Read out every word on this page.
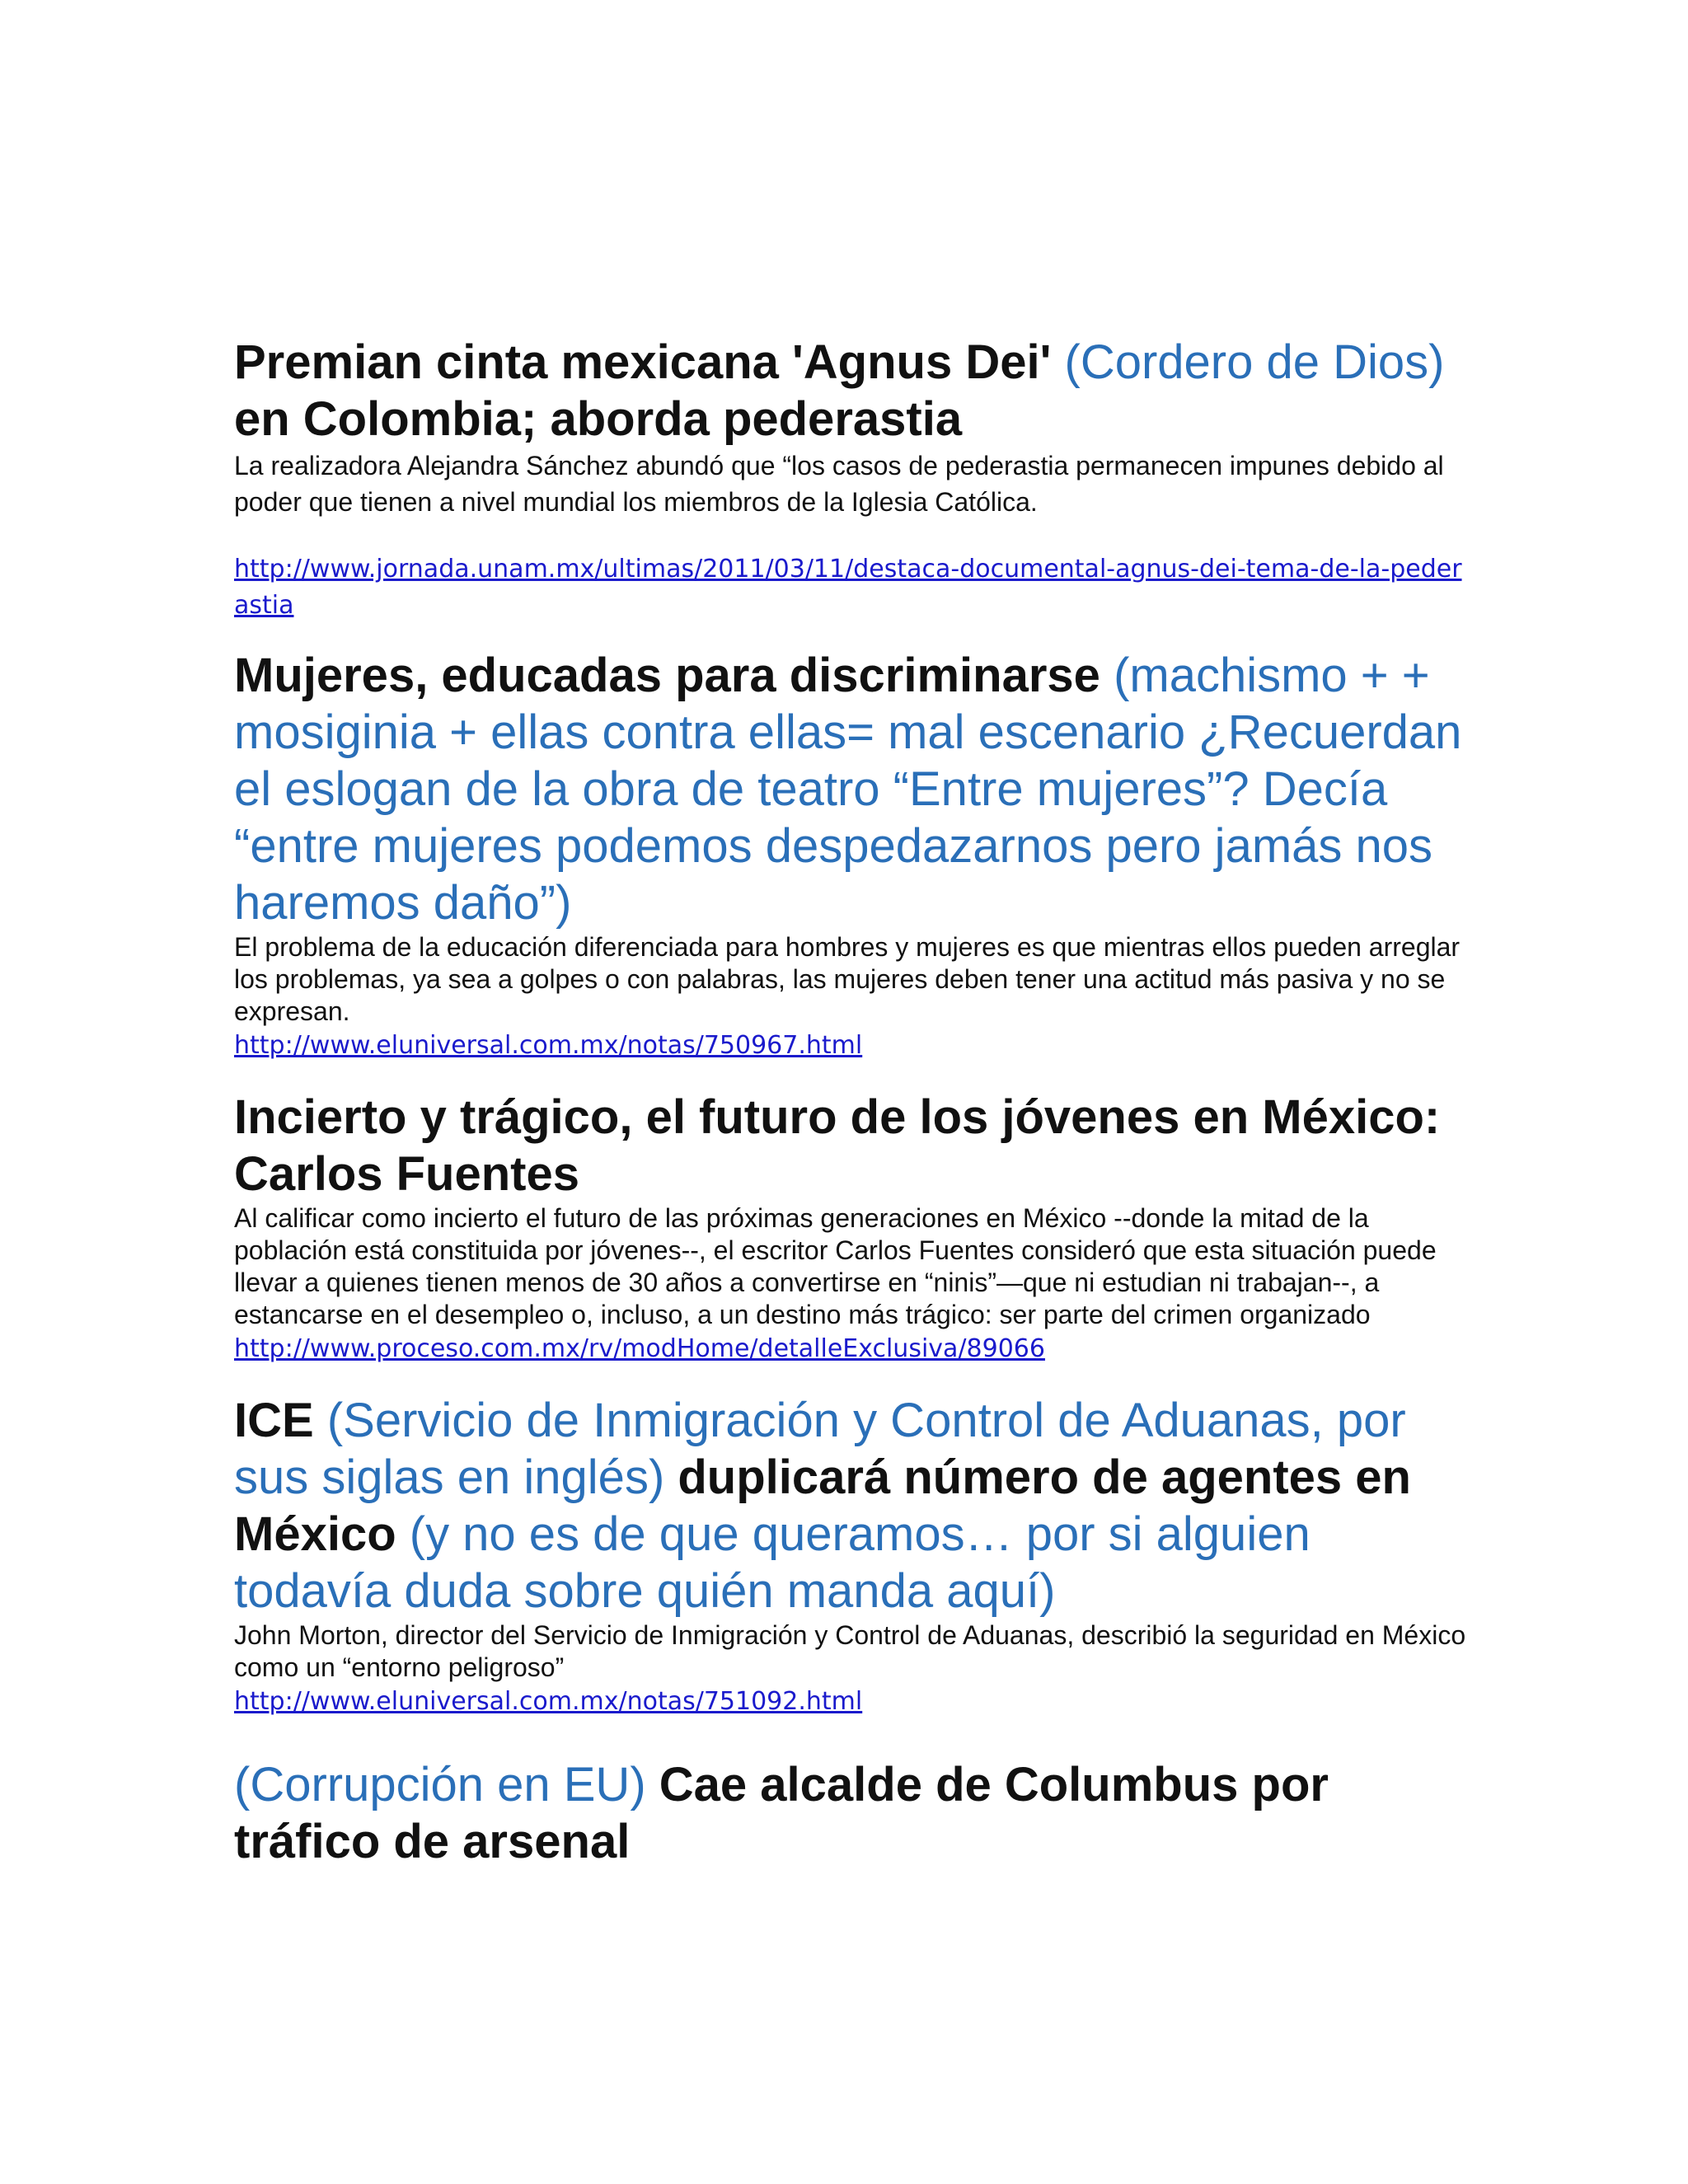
Premian cinta mexicana 'Agnus Dei' (Cordero de Dios) en Colombia; aborda pederastia

La realizadora Alejandra Sánchez abundó que “los casos de pederastia permanecen impunes debido al poder que tienen a nivel mundial los miembros de la Iglesia Católica.

http://www.jornada.unam.mx/ultimas/2011/03/11/destaca-documental-agnus-dei-tema-de-la-pederastia
Mujeres, educadas para discriminarse (machismo + + mosiginia + ellas contra ellas= mal escenario ¿Recuerdan el eslogan de la obra de teatro “Entre mujeres”? Decía “entre mujeres podemos despedazarnos pero jamás nos haremos daño”)

El problema de la educación diferenciada para hombres y mujeres es que mientras ellos pueden arreglar los problemas, ya sea a golpes o con palabras, las mujeres deben tener una actitud más pasiva y no se expresan.

http://www.eluniversal.com.mx/notas/750967.html
Incierto y trágico, el futuro de los jóvenes en México: Carlos Fuentes

Al calificar como incierto el futuro de las próximas generaciones en México --donde la mitad de la población está constituida por jóvenes--, el escritor Carlos Fuentes consideró que esta situación puede llevar a quienes tienen menos de 30 años a convertirse en “ninis”—que ni estudian ni trabajan--, a estancarse en el desempleo o, incluso, a un destino más trágico: ser parte del crimen organizado

http://www.proceso.com.mx/rv/modHome/detalleExclusiva/89066
ICE (Servicio de Inmigración y Control de Aduanas, por sus siglas en inglés) duplicará número de agentes en México (y no es de que queramos… por si alguien todavía duda sobre quién manda aquí)

John Morton, director del Servicio de Inmigración y Control de Aduanas, describió la seguridad en México como un “entorno peligroso”

http://www.eluniversal.com.mx/notas/751092.html
(Corrupción en EU) Cae alcalde de Columbus por tráfico de arsenal
